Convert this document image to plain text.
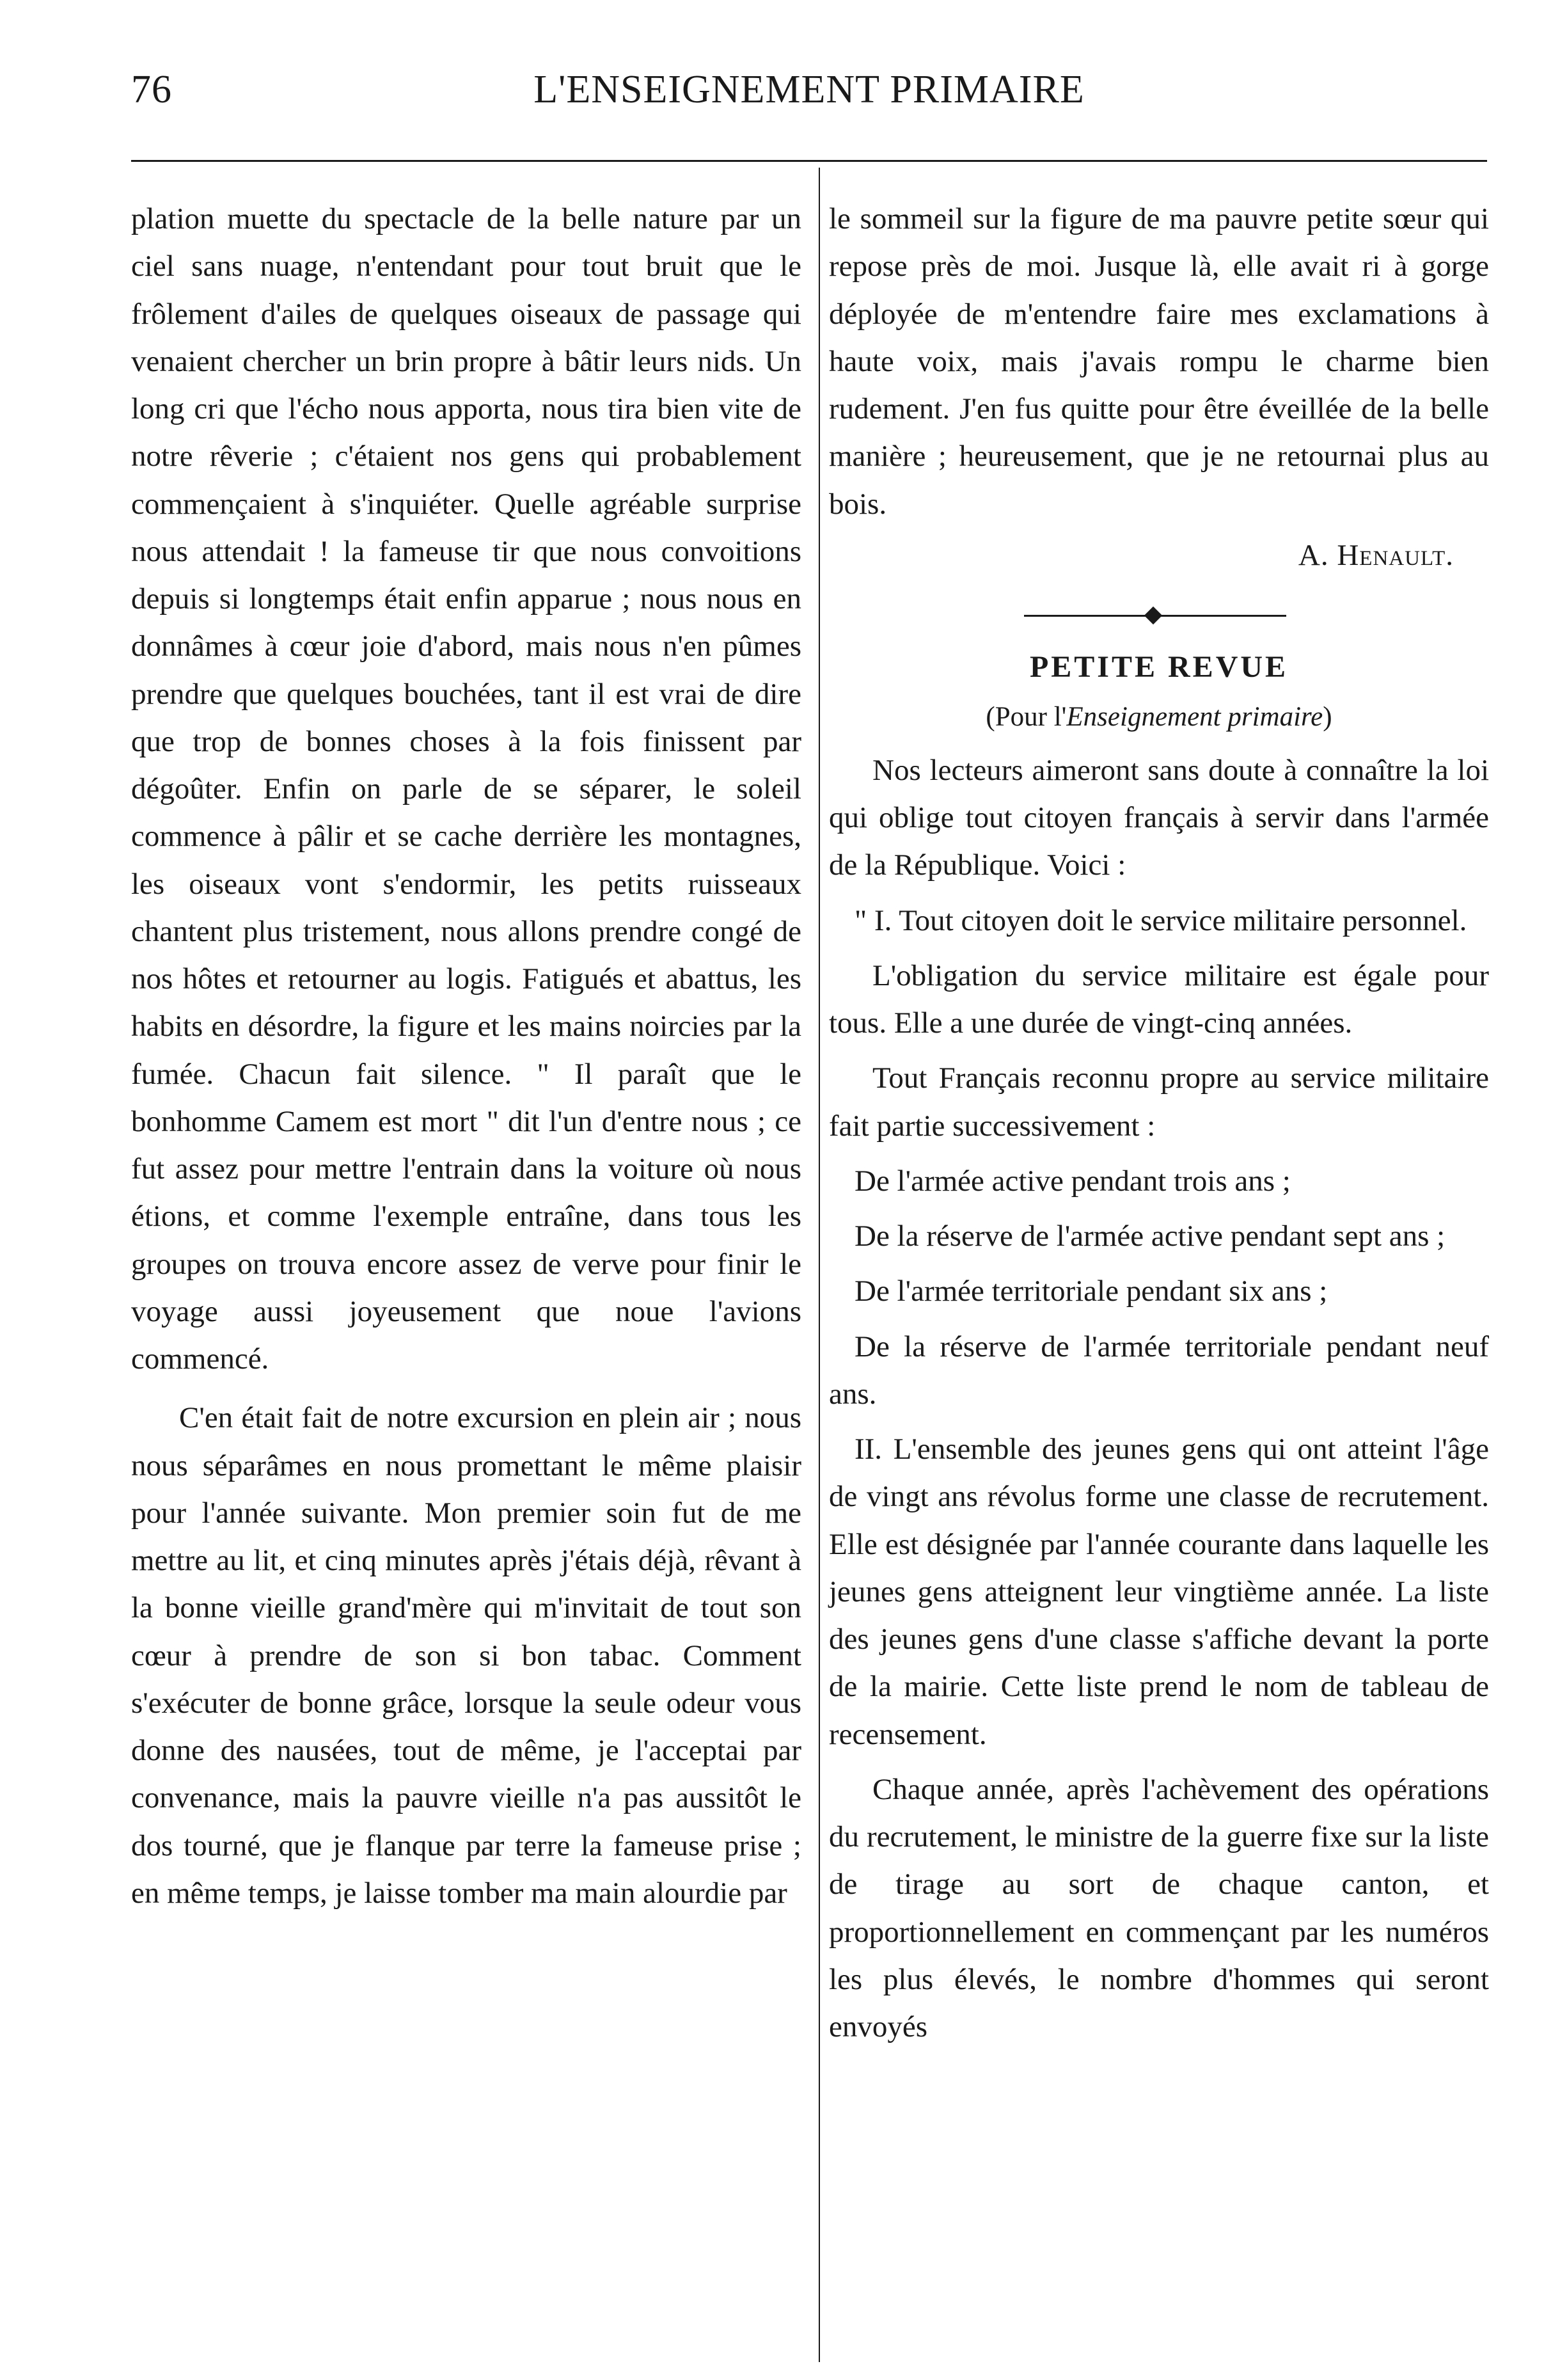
76	L'ENSEIGNEMENT PRIMAIRE

plation muette du spectacle de la belle nature par un ciel sans nuage, n'entendant pour tout bruit que le frôlement d'ailes de quelques oiseaux de passage qui venaient chercher un brin propre à bâtir leurs nids. Un long cri que l'écho nous apporta, nous tira bien vite de notre rêverie ; c'étaient nos gens qui probablement commençaient à s'inquiéter. Quelle agréable surprise nous attendait ! la fameuse tir que nous convoitions depuis si longtemps était enfin apparue ; nous nous en donnâmes à cœur joie d'abord, mais nous n'en pûmes prendre que quelques bouchées, tant il est vrai de dire que trop de bonnes choses à la fois finissent par dégoûter. Enfin on parle de se séparer, le soleil commence à pâlir et se cache derrière les montagnes, les oiseaux vont s'endormir, les petits ruisseaux chantent plus tristement, nous allons prendre congé de nos hôtes et retourner au logis. Fatigués et abattus, les habits en désordre, la figure et les mains noircies par la fumée. Chacun fait silence. " Il paraît que le bonhomme Camem est mort " dit l'un d'entre nous ; ce fut assez pour mettre l'entrain dans la voiture où nous étions, et comme l'exemple entraîne, dans tous les groupes on trouva encore assez de verve pour finir le voyage aussi joyeusement que noue l'avions commencé.

C'en était fait de notre excursion en plein air ; nous nous séparâmes en nous promettant le même plaisir pour l'année suivante. Mon premier soin fut de me mettre au lit, et cinq minutes après j'étais déjà, rêvant à la bonne vieille grand'mère qui m'invitait de tout son cœur à prendre de son si bon tabac. Comment s'exécuter de bonne grâce, lorsque la seule odeur vous donne des nausées, tout de même, je l'acceptai par convenance, mais la pauvre vieille n'a pas aussitôt le dos tourné, que je flanque par terre la fameuse prise ; en même temps, je laisse tomber ma main alourdie par

le sommeil sur la figure de ma pauvre petite sœur qui repose près de moi. Jusque là, elle avait ri à gorge déployée de m'entendre faire mes exclamations à haute voix, mais j'avais rompu le charme bien rudement. J'en fus quitte pour être éveillée de la belle manière ; heureusement, que je ne retournai plus au bois.

A. Henault.
PETITE REVUE
(Pour l'Enseignement primaire)

Nos lecteurs aimeront sans doute à connaître la loi qui oblige tout citoyen français à servir dans l'armée de la République. Voici :

" I. Tout citoyen doit le service militaire personnel.

L'obligation du service militaire est égale pour tous. Elle a une durée de vingt-cinq années.

Tout Français reconnu propre au service militaire fait partie successivement :

De l'armée active pendant trois ans ;

De la réserve de l'armée active pendant sept ans ;

De l'armée territoriale pendant six ans ;

De la réserve de l'armée territoriale pendant neuf ans.

II. L'ensemble des jeunes gens qui ont atteint l'âge de vingt ans révolus forme une classe de recrutement. Elle est désignée par l'année courante dans laquelle les jeunes gens atteignent leur vingtième année. La liste des jeunes gens d'une classe s'affiche devant la porte de la mairie. Cette liste prend le nom de tableau de recensement.

Chaque année, après l'achèvement des opérations du recrutement, le ministre de la guerre fixe sur la liste de tirage au sort de chaque canton, et proportionnellement en commençant par les numéros les plus élevés, le nombre d'hommes qui seront envoyés
